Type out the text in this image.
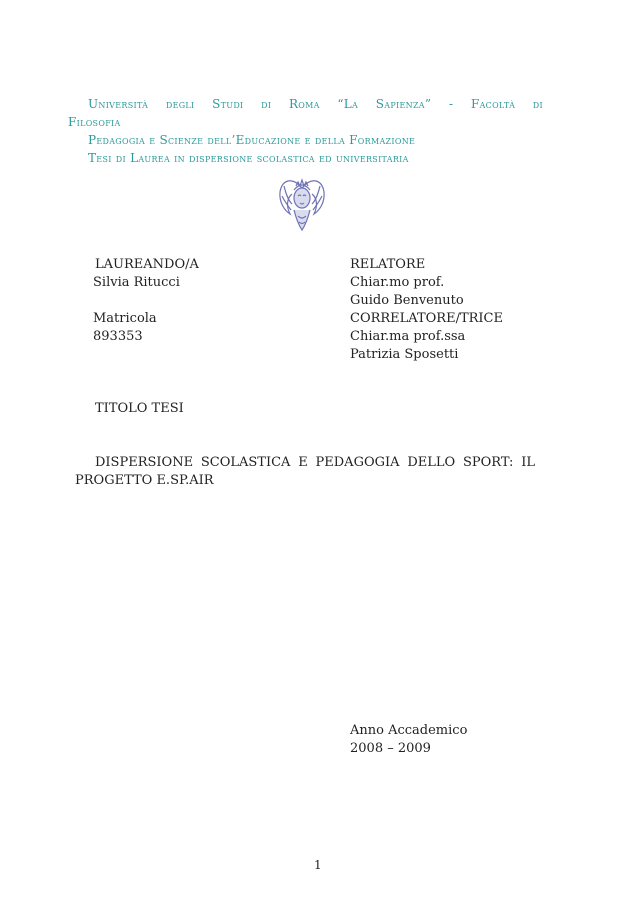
Università degli Studi di Roma “La Sapienza” - Facoltà di
Filosofia
Pedagogia e Scienze dell’Educazione e della Formazione
Tesi di Laurea in dispersione scolastica ed universitaria
LAUREANDO/A
Silvia Ritucci
Matricola
893353
RELATORE
Chiar.mo prof.
Guido Benvenuto
CORRELATORE/TRICE
Chiar.ma prof.ssa
Patrizia Sposetti
TITOLO TESI
DISPERSIONE SCOLASTICA E PEDAGOGIA DELLO SPORT: IL
PROGETTO E.SP.AIR
Anno Accademico
2008 – 2009
1
